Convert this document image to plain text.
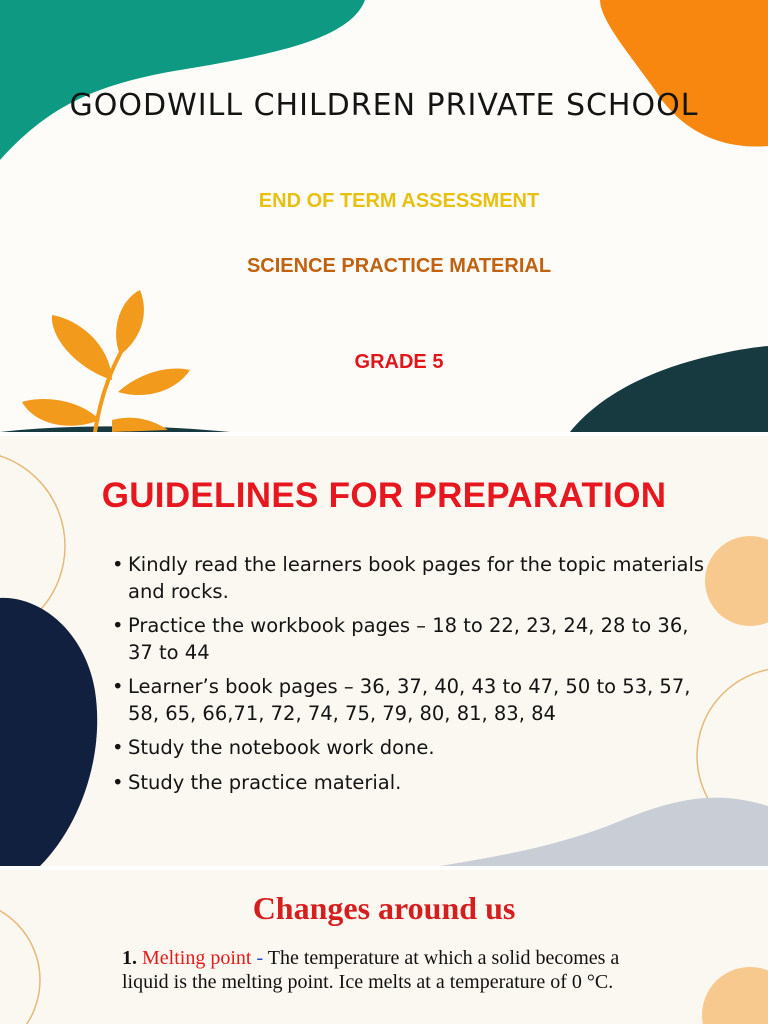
GOODWILL CHILDREN PRIVATE SCHOOL
END OF TERM ASSESSMENT
SCIENCE PRACTICE MATERIAL
GRADE 5
GUIDELINES FOR PREPARATION
• Kindly read the learners book pages for the topic materials and rocks.
• Practice the workbook pages – 18 to 22, 23, 24, 28 to 36, 37 to 44
• Learner’s book pages – 36, 37, 40, 43 to 47, 50 to 53, 57, 58, 65, 66,71, 72, 74, 75, 79, 80, 81, 83, 84
• Study the notebook work done.
• Study the practice material.
Changes around us
1. Melting point - The temperature at which a solid becomes a liquid is the melting point. Ice melts at a temperature of 0 °C.
